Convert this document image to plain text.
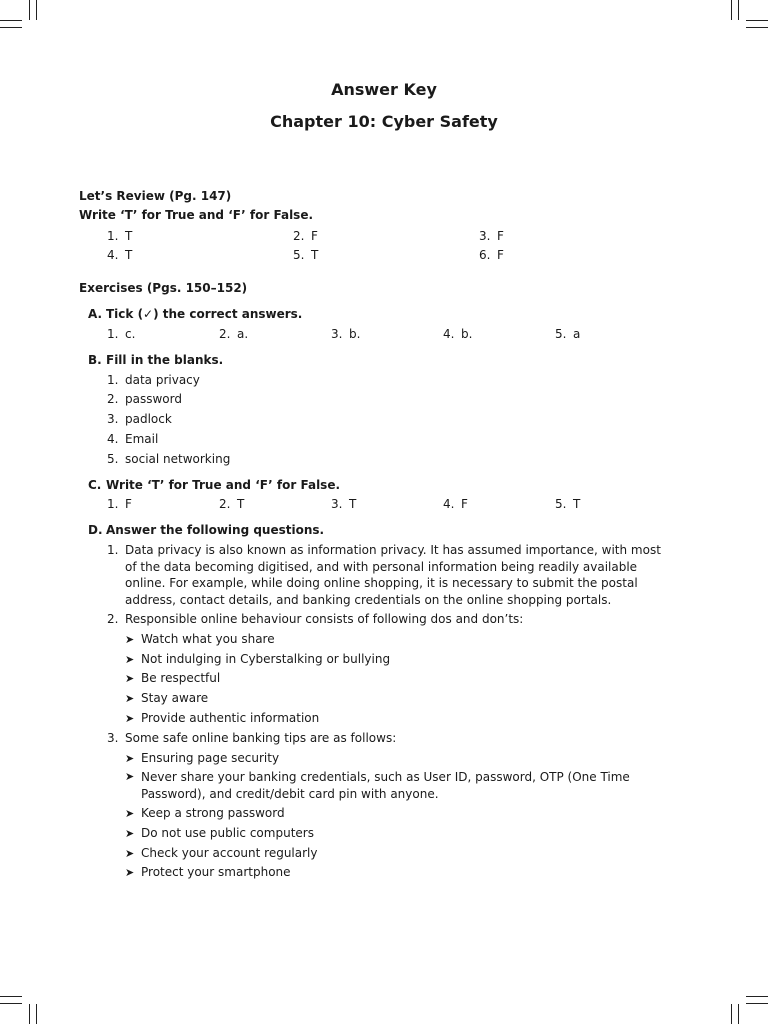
Answer Key
Chapter 10: Cyber Safety
Let’s Review (Pg. 147)
Write ‘T’ for True and ‘F’ for False.
1. T	2. F	3. F
4. T	5. T	6. F
Exercises (Pgs. 150–152)
A. Tick (✓) the correct answers.
1. c.	2. a.	3. b.	4. b.	5. a
B. Fill in the blanks.
1. data privacy
2. password
3. padlock
4. Email
5. social networking
C. Write ‘T’ for True and ‘F’ for False.
1. F	2. T	3. T	4. F	5. T
D. Answer the following questions.
1. Data privacy is also known as information privacy. It has assumed importance, with most of the data becoming digitised, and with personal information being readily available online. For example, while doing online shopping, it is necessary to submit the postal address, contact details, and banking credentials on the online shopping portals.
2. Responsible online behaviour consists of following dos and don’ts:
➤ Watch what you share
➤ Not indulging in Cyberstalking or bullying
➤ Be respectful
➤ Stay aware
➤ Provide authentic information
3. Some safe online banking tips are as follows:
➤ Ensuring page security
➤ Never share your banking credentials, such as User ID, password, OTP (One Time Password), and credit/debit card pin with anyone.
➤ Keep a strong password
➤ Do not use public computers
➤ Check your account regularly
➤ Protect your smartphone
